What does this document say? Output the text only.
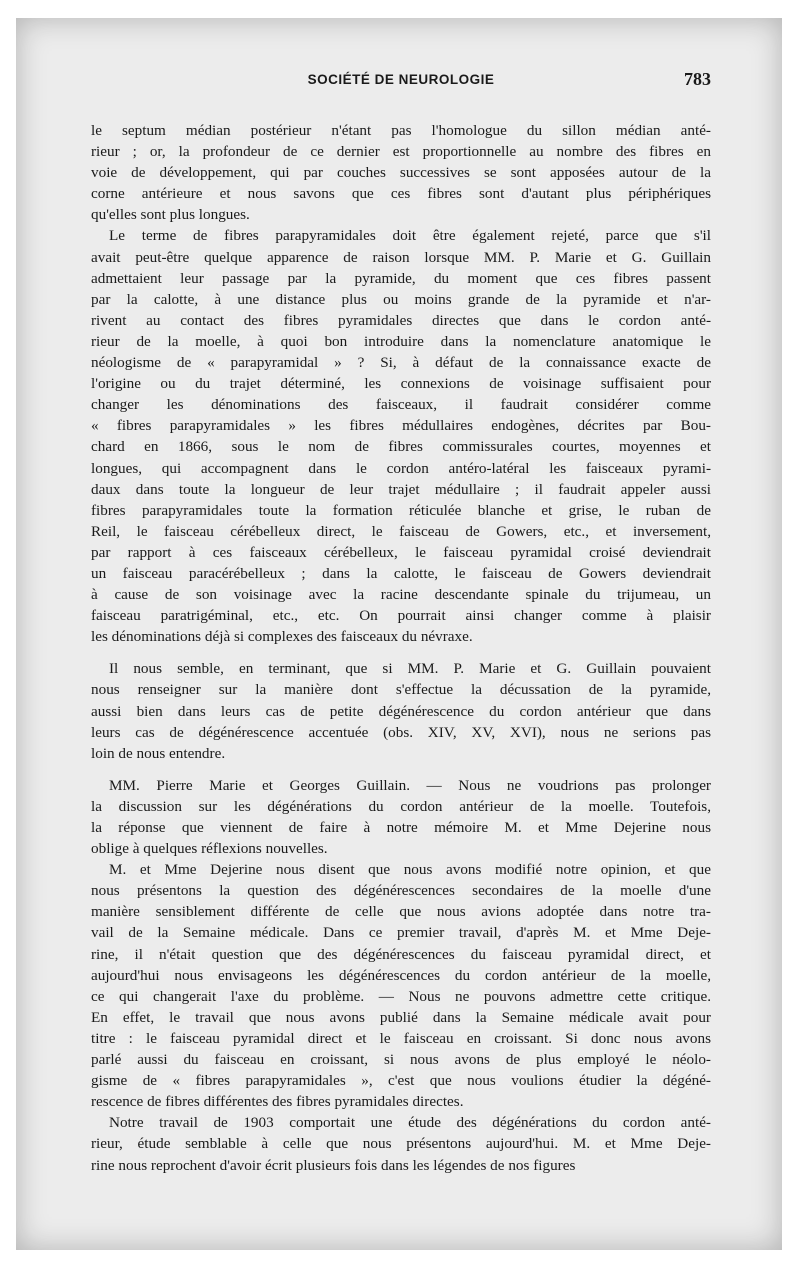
SOCIÉTÉ DE NEUROLOGIE	783
le septum médian postérieur n'étant pas l'homologue du sillon médian anté-
rieur ; or, la profondeur de ce dernier est proportionnelle au nombre des fibres en
voie de développement, qui par couches successives se sont apposées autour de la
corne antérieure et nous savons que ces fibres sont d'autant plus périphériques
qu'elles sont plus longues.
Le terme de fibres parapyramidales doit être également rejeté, parce que s'il
avait peut-être quelque apparence de raison lorsque MM. P. Marie et G. Guillain
admettaient leur passage par la pyramide, du moment que ces fibres passent
par la calotte, à une distance plus ou moins grande de la pyramide et n'ar-
rivent au contact des fibres pyramidales directes que dans le cordon anté-
rieur de la moelle, à quoi bon introduire dans la nomenclature anatomique le
néologisme de « parapyramidal » ? Si, à défaut de la connaissance exacte de
l'origine ou du trajet déterminé, les connexions de voisinage suffisaient pour
changer les dénominations des faisceaux, il faudrait considérer comme
« fibres parapyramidales » les fibres médullaires endogènes, décrites par Bou-
chard en 1866, sous le nom de fibres commissurales courtes, moyennes et
longues, qui accompagnent dans le cordon antéro-latéral les faisceaux pyrami-
daux dans toute la longueur de leur trajet médullaire ; il faudrait appeler aussi
fibres parapyramidales toute la formation réticulée blanche et grise, le ruban de
Reil, le faisceau cérébelleux direct, le faisceau de Gowers, etc., et inversement,
par rapport à ces faisceaux cérébelleux, le faisceau pyramidal croisé deviendrait
un faisceau paracérébelleux ; dans la calotte, le faisceau de Gowers deviendrait
à cause de son voisinage avec la racine descendante spinale du trijumeau, un
faisceau paratrigéminal, etc., etc. On pourrait ainsi changer comme à plaisir
les dénominations déjà si complexes des faisceaux du névraxe.
Il nous semble, en terminant, que si MM. P. Marie et G. Guillain pouvaient
nous renseigner sur la manière dont s'effectue la décussation de la pyramide,
aussi bien dans leurs cas de petite dégénérescence du cordon antérieur que dans
leurs cas de dégénérescence accentuée (obs. XIV, XV, XVI), nous ne serions pas
loin de nous entendre.
MM. Pierre Marie et Georges Guillain. — Nous ne voudrions pas prolonger
la discussion sur les dégénérations du cordon antérieur de la moelle. Toutefois,
la réponse que viennent de faire à notre mémoire M. et Mme Dejerine nous
oblige à quelques réflexions nouvelles.
M. et Mme Dejerine nous disent que nous avons modifié notre opinion, et que
nous présentons la question des dégénérescences secondaires de la moelle d'une
manière sensiblement différente de celle que nous avions adoptée dans notre tra-
vail de la Semaine médicale. Dans ce premier travail, d'après M. et Mme Deje-
rine, il n'était question que des dégénérescences du faisceau pyramidal direct, et
aujourd'hui nous envisageons les dégénérescences du cordon antérieur de la moelle,
ce qui changerait l'axe du problème. — Nous ne pouvons admettre cette critique.
En effet, le travail que nous avons publié dans la Semaine médicale avait pour
titre : le faisceau pyramidal direct et le faisceau en croissant. Si donc nous avons
parlé aussi du faisceau en croissant, si nous avons de plus employé le néolo-
gisme de « fibres parapyramidales », c'est que nous voulions étudier la dégéné-
rescence de fibres différentes des fibres pyramidales directes.
Notre travail de 1903 comportait une étude des dégénérations du cordon anté-
rieur, étude semblable à celle que nous présentons aujourd'hui. M. et Mme Deje-
rine nous reprochent d'avoir écrit plusieurs fois dans les légendes de nos figures
